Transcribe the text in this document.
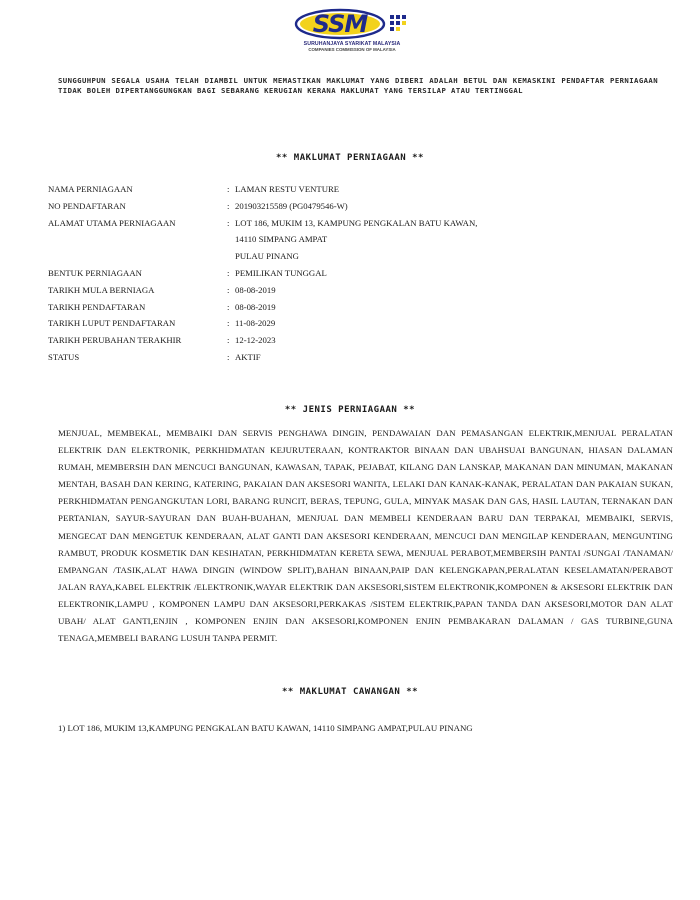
SSM
SURUHANJAYA SYARIKAT MALAYSIA
COMPANIES COMMISSION OF MALAYSIA
SUNGGUHPUN SEGALA USAHA TELAH DIAMBIL UNTUK MEMASTIKAN MAKLUMAT YANG DIBERI ADALAH BETUL DAN KEMASKINI PENDAFTAR PERNIAGAAN TIDAK BOLEH DIPERTANGGUNGKAN BAGI SEBARANG KERUGIAN KERANA MAKLUMAT YANG TERSILAP ATAU TERTINGGAL
** MAKLUMAT PERNIAGAAN **
NAMA PERNIAGAAN	:	LAMAN RESTU VENTURE
NO PENDAFTARAN	:	201903215589 (PG0479546-W)
ALAMAT UTAMA PERNIAGAAN	:	LOT 186, MUKIM 13, KAMPUNG PENGKALAN BATU KAWAN,
14110 SIMPANG AMPAT
PULAU PINANG

BENTUK PERNIAGAAN	:	PEMILIKAN TUNGGAL
TARIKH MULA BERNIAGA	:	08-08-2019
TARIKH PENDAFTARAN	:	08-08-2019
TARIKH LUPUT PENDAFTARAN	:	11-08-2029
TARIKH PERUBAHAN TERAKHIR	:	12-12-2023
STATUS	:	AKTIF
** JENIS PERNIAGAAN **
MENJUAL, MEMBEKAL, MEMBAIKI DAN SERVIS PENGHAWA DINGIN, PENDAWAIAN DAN PEMASANGAN ELEKTRIK,MENJUAL PERALATAN ELEKTRIK DAN ELEKTRONIK, PERKHIDMATAN KEJURUTERAAN, KONTRAKTOR BINAAN DAN UBAHSUAI BANGUNAN, HIASAN DALAMAN RUMAH, MEMBERSIH DAN MENCUCI BANGUNAN, KAWASAN, TAPAK, PEJABAT, KILANG DAN LANSKAP, MAKANAN DAN MINUMAN, MAKANAN MENTAH, BASAH DAN KERING, KATERING, PAKAIAN DAN AKSESORI WANITA, LELAKI DAN KANAK-KANAK, PERALATAN DAN PAKAIAN SUKAN, PERKHIDMATAN PENGANGKUTAN LORI, BARANG RUNCIT, BERAS, TEPUNG, GULA, MINYAK MASAK DAN GAS, HASIL LAUTAN, TERNAKAN DAN PERTANIAN, SAYUR-SAYURAN DAN BUAH-BUAHAN, MENJUAL DAN MEMBELI KENDERAAN BARU DAN TERPAKAI, MEMBAIKI, SERVIS, MENGECAT DAN MENGETUK KENDERAAN, ALAT GANTI DAN AKSESORI KENDERAAN, MENCUCI DAN MENGILAP KENDERAAN, MENGUNTING RAMBUT, PRODUK KOSMETIK DAN KESIHATAN, PERKHIDMATAN KERETA SEWA, MENJUAL PERABOT,MEMBERSIH PANTAI /SUNGAI /TANAMAN/ EMPANGAN /TASIK,ALAT HAWA DINGIN (WINDOW SPLIT),BAHAN BINAAN,PAIP DAN KELENGKAPAN,PERALATAN KESELAMATAN/PERABOT JALAN RAYA,KABEL ELEKTRIK /ELEKTRONIK,WAYAR ELEKTRIK DAN AKSESORI,SISTEM ELEKTRONIK,KOMPONEN & AKSESORI ELEKTRIK DAN ELEKTRONIK,LAMPU , KOMPONEN LAMPU DAN AKSESORI,PERKAKAS /SISTEM ELEKTRIK,PAPAN TANDA DAN AKSESORI,MOTOR DAN ALAT UBAH/ ALAT GANTI,ENJIN , KOMPONEN ENJIN DAN AKSESORI,KOMPONEN ENJIN PEMBAKARAN DALAMAN / GAS TURBINE,GUNA TENAGA,MEMBELI BARANG LUSUH TANPA PERMIT.
** MAKLUMAT CAWANGAN **
1) LOT 186, MUKIM 13,KAMPUNG PENGKALAN BATU KAWAN, 14110 SIMPANG AMPAT,PULAU PINANG
